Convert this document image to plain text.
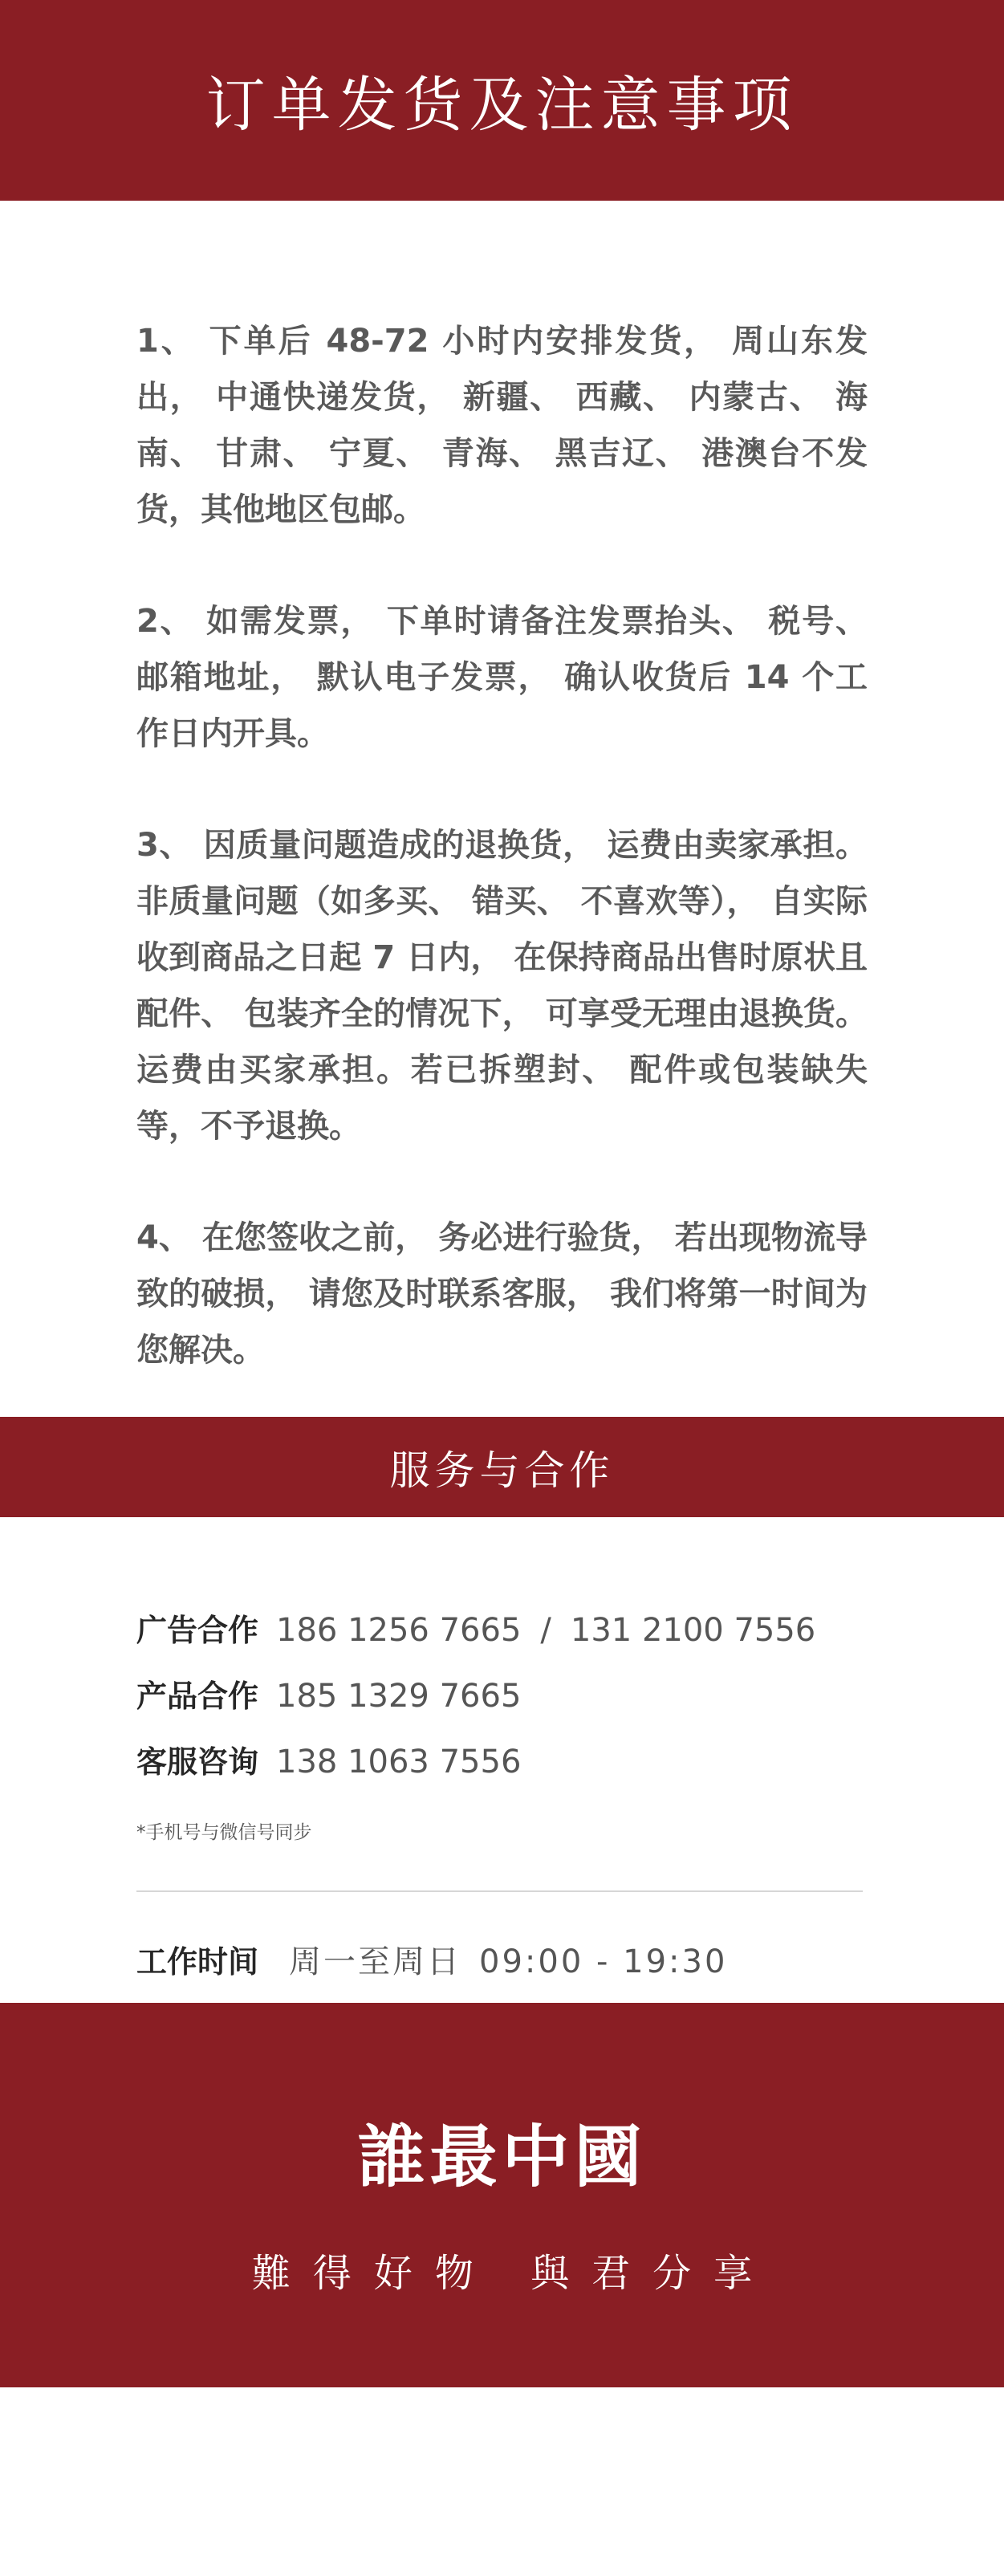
订单发货及注意事项

1、 下单后 48-72 小时内安排发货， 周山东发出， 中通快递发货， 新疆、 西藏、 内蒙古、 海南、 甘肃、 宁夏、 青海、 黑吉辽、 港澳台不发货，其他地区包邮。

2、 如需发票， 下单时请备注发票抬头、 税号、 邮箱地址， 默认电子发票， 确认收货后 14 个工作日内开具。

3、 因质量问题造成的退换货， 运费由卖家承担。非质量问题（如多买、 错买、 不喜欢等）， 自实际收到商品之日起 7 日内， 在保持商品出售时原状且配件、 包装齐全的情况下， 可享受无理由退换货。运费由买家承担。若已拆塑封、 配件或包装缺失等，不予退换。

4、 在您签收之前， 务必进行验货， 若出现物流导致的破损， 请您及时联系客服， 我们将第一时间为您解决。

服务与合作
广告合作 186 1256 7665 / 131 2100 7556
产品合作 185 1329 7665
客服咨询 138 1063 7556
*手机号与微信号同步
工作时间 周一至周日 09:00 - 19:30
誰最中國
難得好物 與君分享
